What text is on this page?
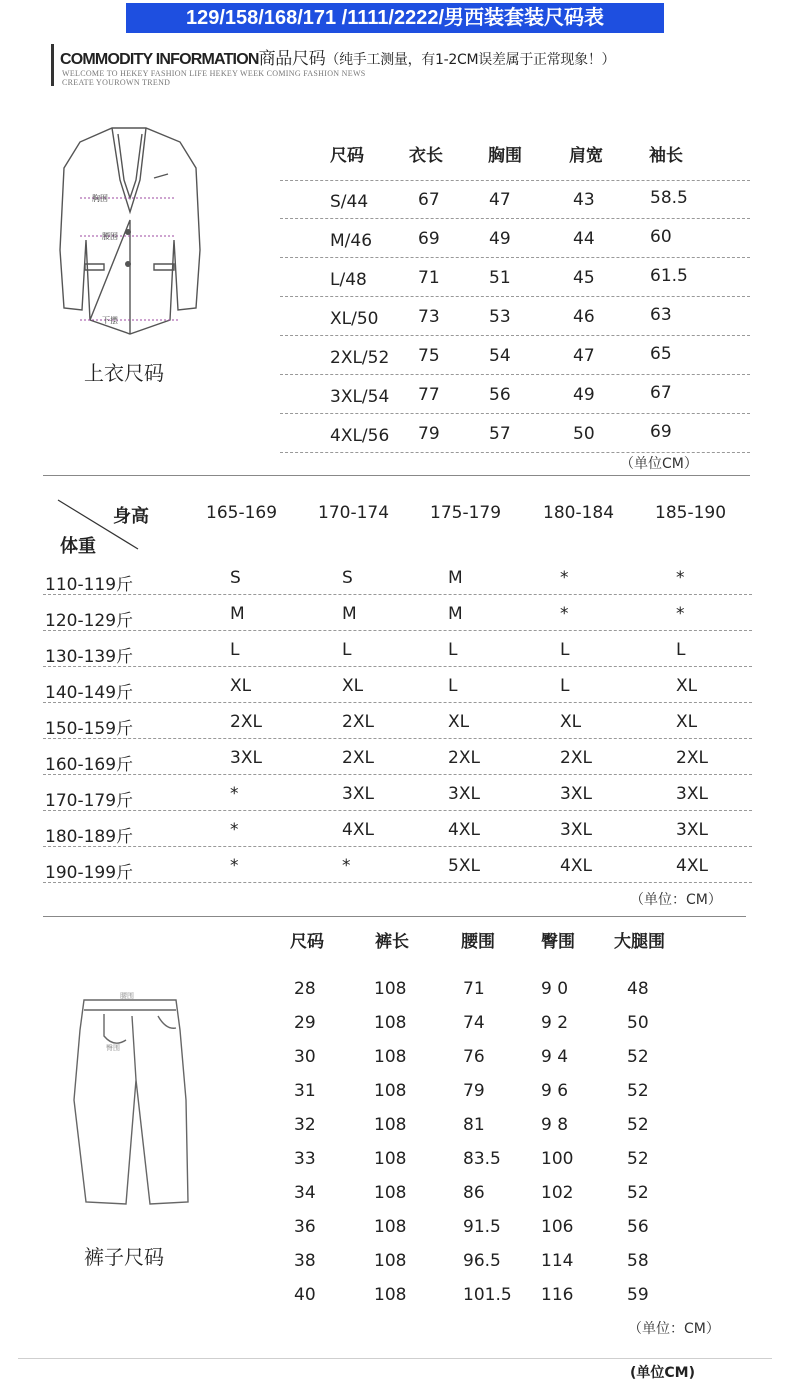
129/158/168/171 /1111/2222/男西装套装尺码表
COMMODITY INFORMATION商品尺码（纯手工测量，有1-2CM误差属于正常现象！）
WELCOME TO HEKEY FASHION LIFE HEKEY WEEK COMING FASHION NEWS
CREATE YOUROWN TREND
胸围
腰围
下摆
上衣尺码
尺码	衣长	胸围	肩宽	袖长
S/44	67	47	43	58.5
M/46	69	49	44	60
L/48	71	51	45	61.5
XL/50 73	53	46	63
2XL/52 75	54	47	65
3XL/54 77	56	49	67
4XL/56 79	57	50	69
（单位CM）
身高
体重
165-169 170-174 175-179 180-184 185-190
110-119斤	S	S	M	*	*
120-129斤	M	M	M	*	*
130-139斤	L	L	L	L	L
140-149斤	XL	XL	L	L	XL
150-159斤	2XL	2XL	XL	XL	XL
160-169斤	3XL	2XL	2XL	2XL	2XL
170-179斤	*	3XL	3XL	3XL	3XL
180-189斤	*	4XL	4XL	3XL	3XL
190-199斤	*	*	5XL	4XL	4XL
（单位：CM）
腰围
臀围
裤子尺码
尺码	裤长	腰围	臀围 大腿围
28	108	71	9 0	48
29	108	74	9 2	50
30	108	76	9 4	52
31	108	79	9 6	52
32	108	81	9 8	52
33	108	83.5 100	52
34	108	86	102	52
36	108	91.5 106	56
38	108	96.5 114	58
40	108	101.5 116	59
（单位：CM）
(单位CM)
